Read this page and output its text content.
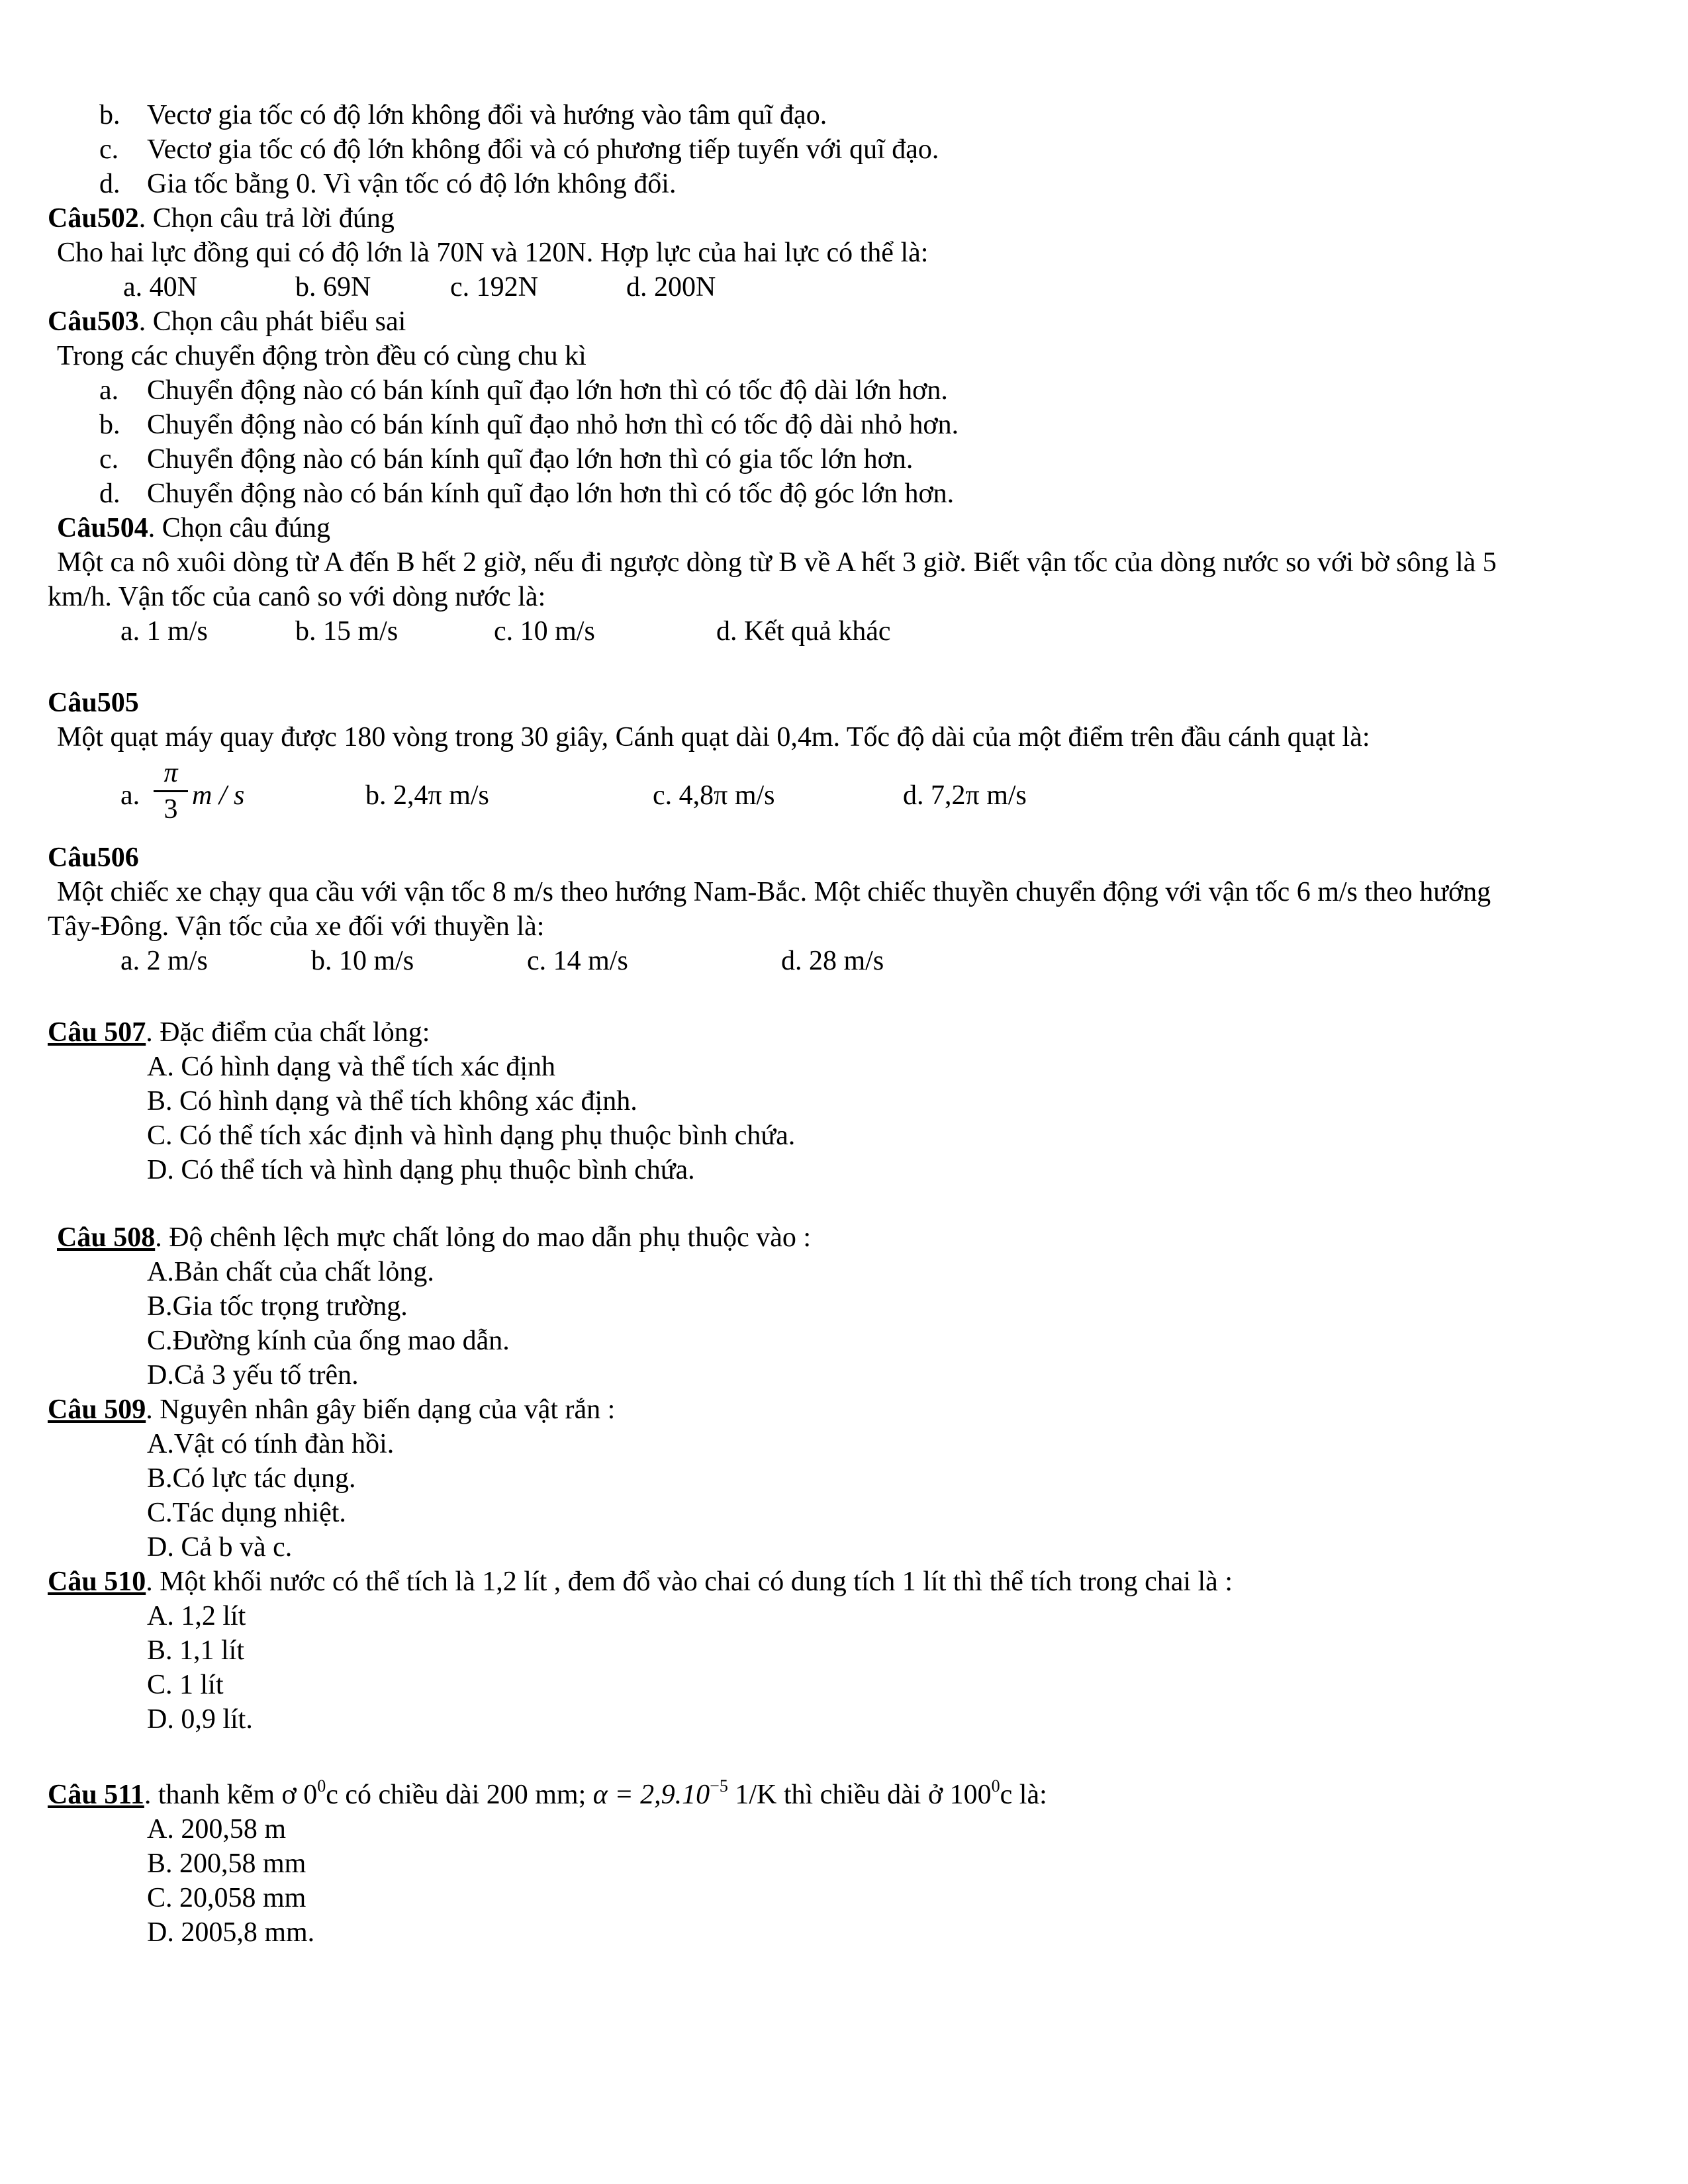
b. Vectơ gia tốc có độ lớn không đổi và hướng vào tâm quĩ đạo.
c. Vectơ gia tốc có độ lớn không đổi và có phương tiếp tuyến với quĩ đạo.
d. Gia tốc bằng 0. Vì vận tốc có độ lớn không đổi.
Câu502. Chọn câu trả lời đúng
Cho hai lực đồng qui có độ lớn là 70N và 120N. Hợp lực của hai lực có thể là:
a. 40N	b. 69N	c. 192N	d. 200N
Câu503. Chọn câu phát biểu sai
Trong các chuyển động tròn đều có cùng chu kì
a. Chuyển động nào có bán kính quĩ đạo lớn hơn thì có tốc độ dài lớn hơn.
b. Chuyển động nào có bán kính quĩ đạo nhỏ hơn thì có tốc độ dài nhỏ hơn.
c. Chuyển động nào có bán kính quĩ đạo lớn hơn thì có gia tốc lớn hơn.
d. Chuyển động nào có bán kính quĩ đạo lớn hơn thì có tốc độ góc lớn hơn.
Câu504. Chọn câu đúng
Một ca nô xuôi dòng từ A đến B hết 2 giờ, nếu đi ngược dòng từ B về A hết 3 giờ. Biết vận tốc của dòng nước so với bờ sông là 5
km/h. Vận tốc của canô so với dòng nước là:
a. 1 m/s	b. 15 m/s	c. 10 m/s	d. Kết quả khác
Câu505
Một quạt máy quay được 180 vòng trong 30 giây, Cánh quạt dài 0,4m. Tốc độ dài của một điểm trên đầu cánh quạt là:
a. $\frac{\pi}{3}$ m / s	b. 2,4π m/s	c. 4,8π m/s	d. 7,2π m/s
Câu506
Một chiếc xe chạy qua cầu với vận tốc 8 m/s theo hướng Nam-Bắc. Một chiếc thuyền chuyển động với vận tốc 6 m/s theo hướng
Tây-Đông. Vận tốc của xe đối với thuyền là:
a. 2 m/s	b. 10 m/s	c. 14 m/s	d. 28 m/s
Câu 507. Đặc điểm của chất lỏng:
A. Có hình dạng và thể tích xác định
B. Có hình dạng và thể tích không xác định.
C. Có thể tích xác định và hình dạng phụ thuộc bình chứa.
D. Có thể tích và hình dạng phụ thuộc bình chứa.
Câu 508. Độ chênh lệch mực chất lỏng do mao dẫn phụ thuộc vào :
A.Bản chất của chất lỏng.
B.Gia tốc trọng trường.
C.Đường kính của ống mao dẫn.
D.Cả 3 yếu tố trên.
Câu 509. Nguyên nhân gây biến dạng của vật rắn :
A.Vật có tính đàn hồi.
B.Có lực tác dụng.
C.Tác dụng nhiệt.
D. Cả b và c.
Câu 510. Một khối nước có thể tích là 1,2 lít , đem đổ vào chai có dung tích 1 lít thì thể tích trong chai là :
A. 1,2 lít
B. 1,1 lít
C. 1 lít
D. 0,9 lít.
Câu 511. thanh kẽm ơ $0^0c$ có chiều dài 200 mm; $\alpha = 2,9.10^{-5}$ 1/K thì chiều dài ở $100^0c$ là:
A. 200,58 m
B. 200,58 mm
C. 20,058 mm
D. 2005,8 mm.
